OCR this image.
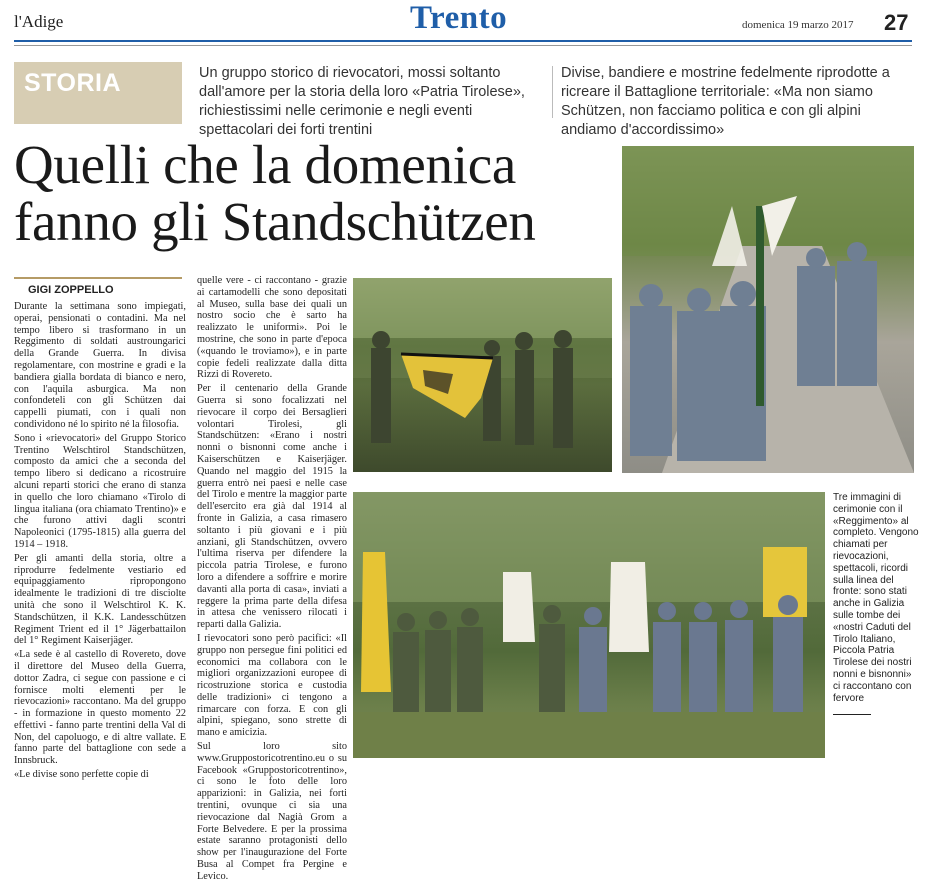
l'Adige	Trento	domenica 19 marzo 2017 27
STORIA	Un gruppo storico di rievocatori, mossi soltanto dall'amore per la storia della loro «Patria Tirolese», richiestissimi nelle cerimonie e negli eventi spettacolari dei forti trentini
Divise, bandiere e mostrine fedelmente riprodotte a ricreare il Battaglione territoriale: «Ma non siamo Schützen, non facciamo politica e con gli alpini andiamo d'accordissimo»
Quelli che la domenica fanno gli Standschützen
GIGI ZOPPELLO

Durante la settimana sono impiegati, operai, pensionati o contadini. Ma nel tempo libero si trasformano in un Reggimento di soldati austroungarici della Grande Guerra. In divisa regolamentare, con mostrine e gradi e la bandiera gialla bordata di bianco e nero, con l'aquila asburgica. Ma non confondeteli con gli Schützen dai cappelli piumati, con i quali non condividono né lo spirito né la filosofia.

Sono i «rievocatori» del Gruppo Storico Trentino Welschtirol Standschützen, composto da amici che a seconda del tempo libero si dedicano a ricostruire alcuni reparti storici che erano di stanza in quello che loro chiamano «Tirolo di lingua italiana (ora chiamato Trentino)» e che furono attivi dagli scontri Napoleonici (1795-1815) alla guerra del 1914 – 1918.

Per gli amanti della storia, oltre a riprodurre fedelmente vestiario ed equipaggiamento ripropongono idealmente le tradizioni di tre disciolte unità che sono il Welschtirol K. K. Standschützen, il K.K. Landesschützen Regiment Trient ed il 1° Jägerbattailon del 1° Regiment Kaiserjäger.

«La sede è al castello di Rovereto, dove il direttore del Museo della Guerra, dottor Zadra, ci segue con passione e ci fornisce molti elementi per le rievocazioni» raccontano. Ma del gruppo - in formazione in questo momento 22 effettivi - fanno parte trentini della Val di Non, del capoluogo, e di altre vallate. E fanno parte del battaglione con sede a Innsbruck.

«Le divise sono perfette copie di

quelle vere - ci raccontano - grazie ai cartamodelli che sono depositati al Museo, sulla base dei quali un nostro socio che è sarto ha realizzato le uniformi». Poi le mostrine, che sono in parte d'epoca («quando le troviamo»), e in parte copie fedeli realizzate dalla ditta Rizzi di Rovereto.

Per il centenario della Grande Guerra si sono focalizzati nel rievocare il corpo dei Bersaglieri volontari Tirolesi, gli Standschützen: «Erano i nostri nonni o bisnonni come anche i Kaiserschützen e Kaiserjäger. Quando nel maggio del 1915 la guerra entrò nei paesi e nelle case del Tirolo e mentre la maggior parte dell'esercito era già dal 1914 al fronte in Galizia, a casa rimasero soltanto i più giovani e i più anziani, gli Standschützen, ovvero l'ultima riserva per difendere la piccola patria Tirolese, e furono loro a difendere a soffrire e morire davanti alla porta di casa», inviati a reggere la prima parte della difesa in attesa che venissero rilocati i reparti dalla Galizia.

I rievocatori sono però pacifici: «Il gruppo non persegue fini politici ed economici ma collabora con le migliori organizzazioni europee di ricostruzione storica e custodia delle tradizioni» ci tengono a rimarcare con forza. E con gli alpini, spiegano, sono strette di mano e amicizia.

Sul loro sito www.Gruppostoricotrentino.eu o su Facebook «Gruppostoricotrentino», ci sono le foto delle loro apparizioni: in Galizia, nei forti trentini, ovunque ci sia una rievocazione dal Nagià Grom a Forte Belvedere. E per la prossima estate saranno protagonisti dello show per l'inaugurazione del Forte Busa al Compet fra Pergine e Levico.

Tre immagini di cerimonie con il «Reggimento» al completo. Vengono chiamati per rievocazioni, spettacoli, ricordi sulla linea del fronte: sono stati anche in Galizia sulle tombe dei «nostri Caduti del Tirolo Italiano, Piccola Patria Tirolese dei nostri nonni e bisnonni» ci raccontano con fervore
